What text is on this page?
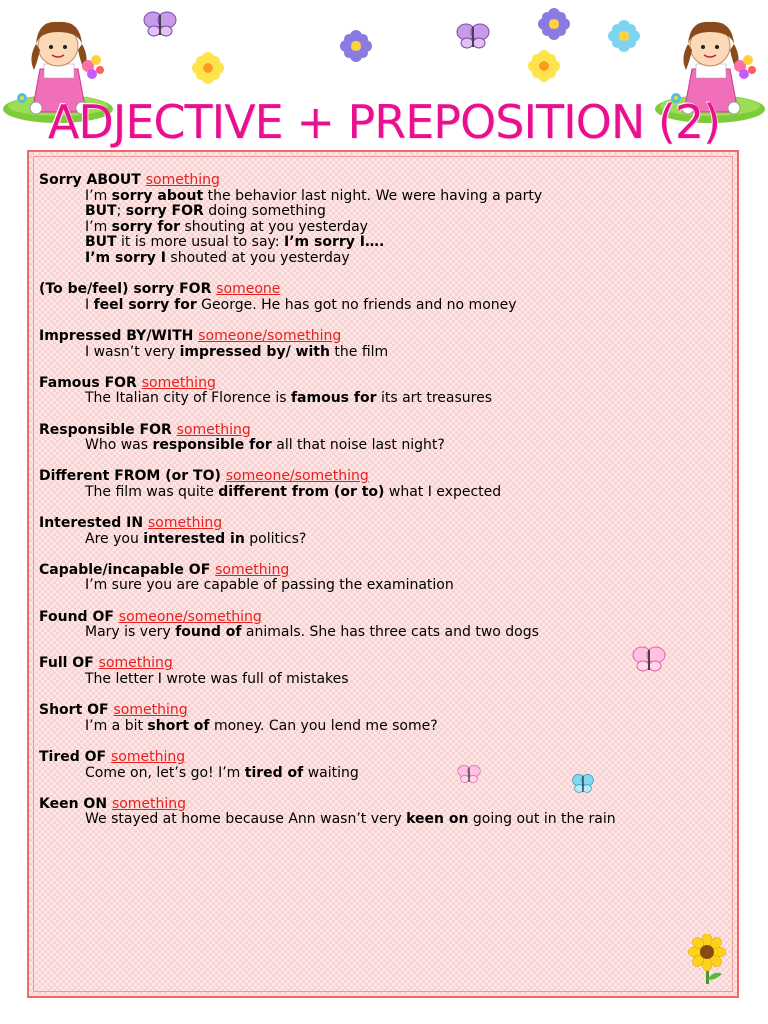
ADJECTIVE + PREPOSITION (2)
Sorry ABOUT something
I’m sorry about the behavior last night. We were having a party
BUT; sorry FOR doing something
I’m sorry for shouting at you yesterday
BUT it is more usual to say: I’m sorry I….
I’m sorry I shouted at you yesterday
(To be/feel) sorry FOR someone
I feel sorry for George. He has got no friends and no money
Impressed BY/WITH someone/something
I wasn’t very impressed by/ with the film
Famous FOR something
The Italian city of Florence is famous for its art treasures
Responsible FOR something
Who was responsible for all that noise last night?
Different FROM (or TO) someone/something
The film was quite different from (or to) what I expected
Interested IN something
Are you interested in politics?
Capable/incapable OF something
I’m sure you are capable of passing the examination
Found OF someone/something
Mary is very found of animals. She has three cats and two dogs
Full OF something
The letter I wrote was full of mistakes
Short OF something
I’m a bit short of money. Can you lend me some?
Tired OF something
Come on, let’s go! I’m tired of waiting
Keen ON something
We stayed at home because Ann wasn’t very keen on going out in the rain
